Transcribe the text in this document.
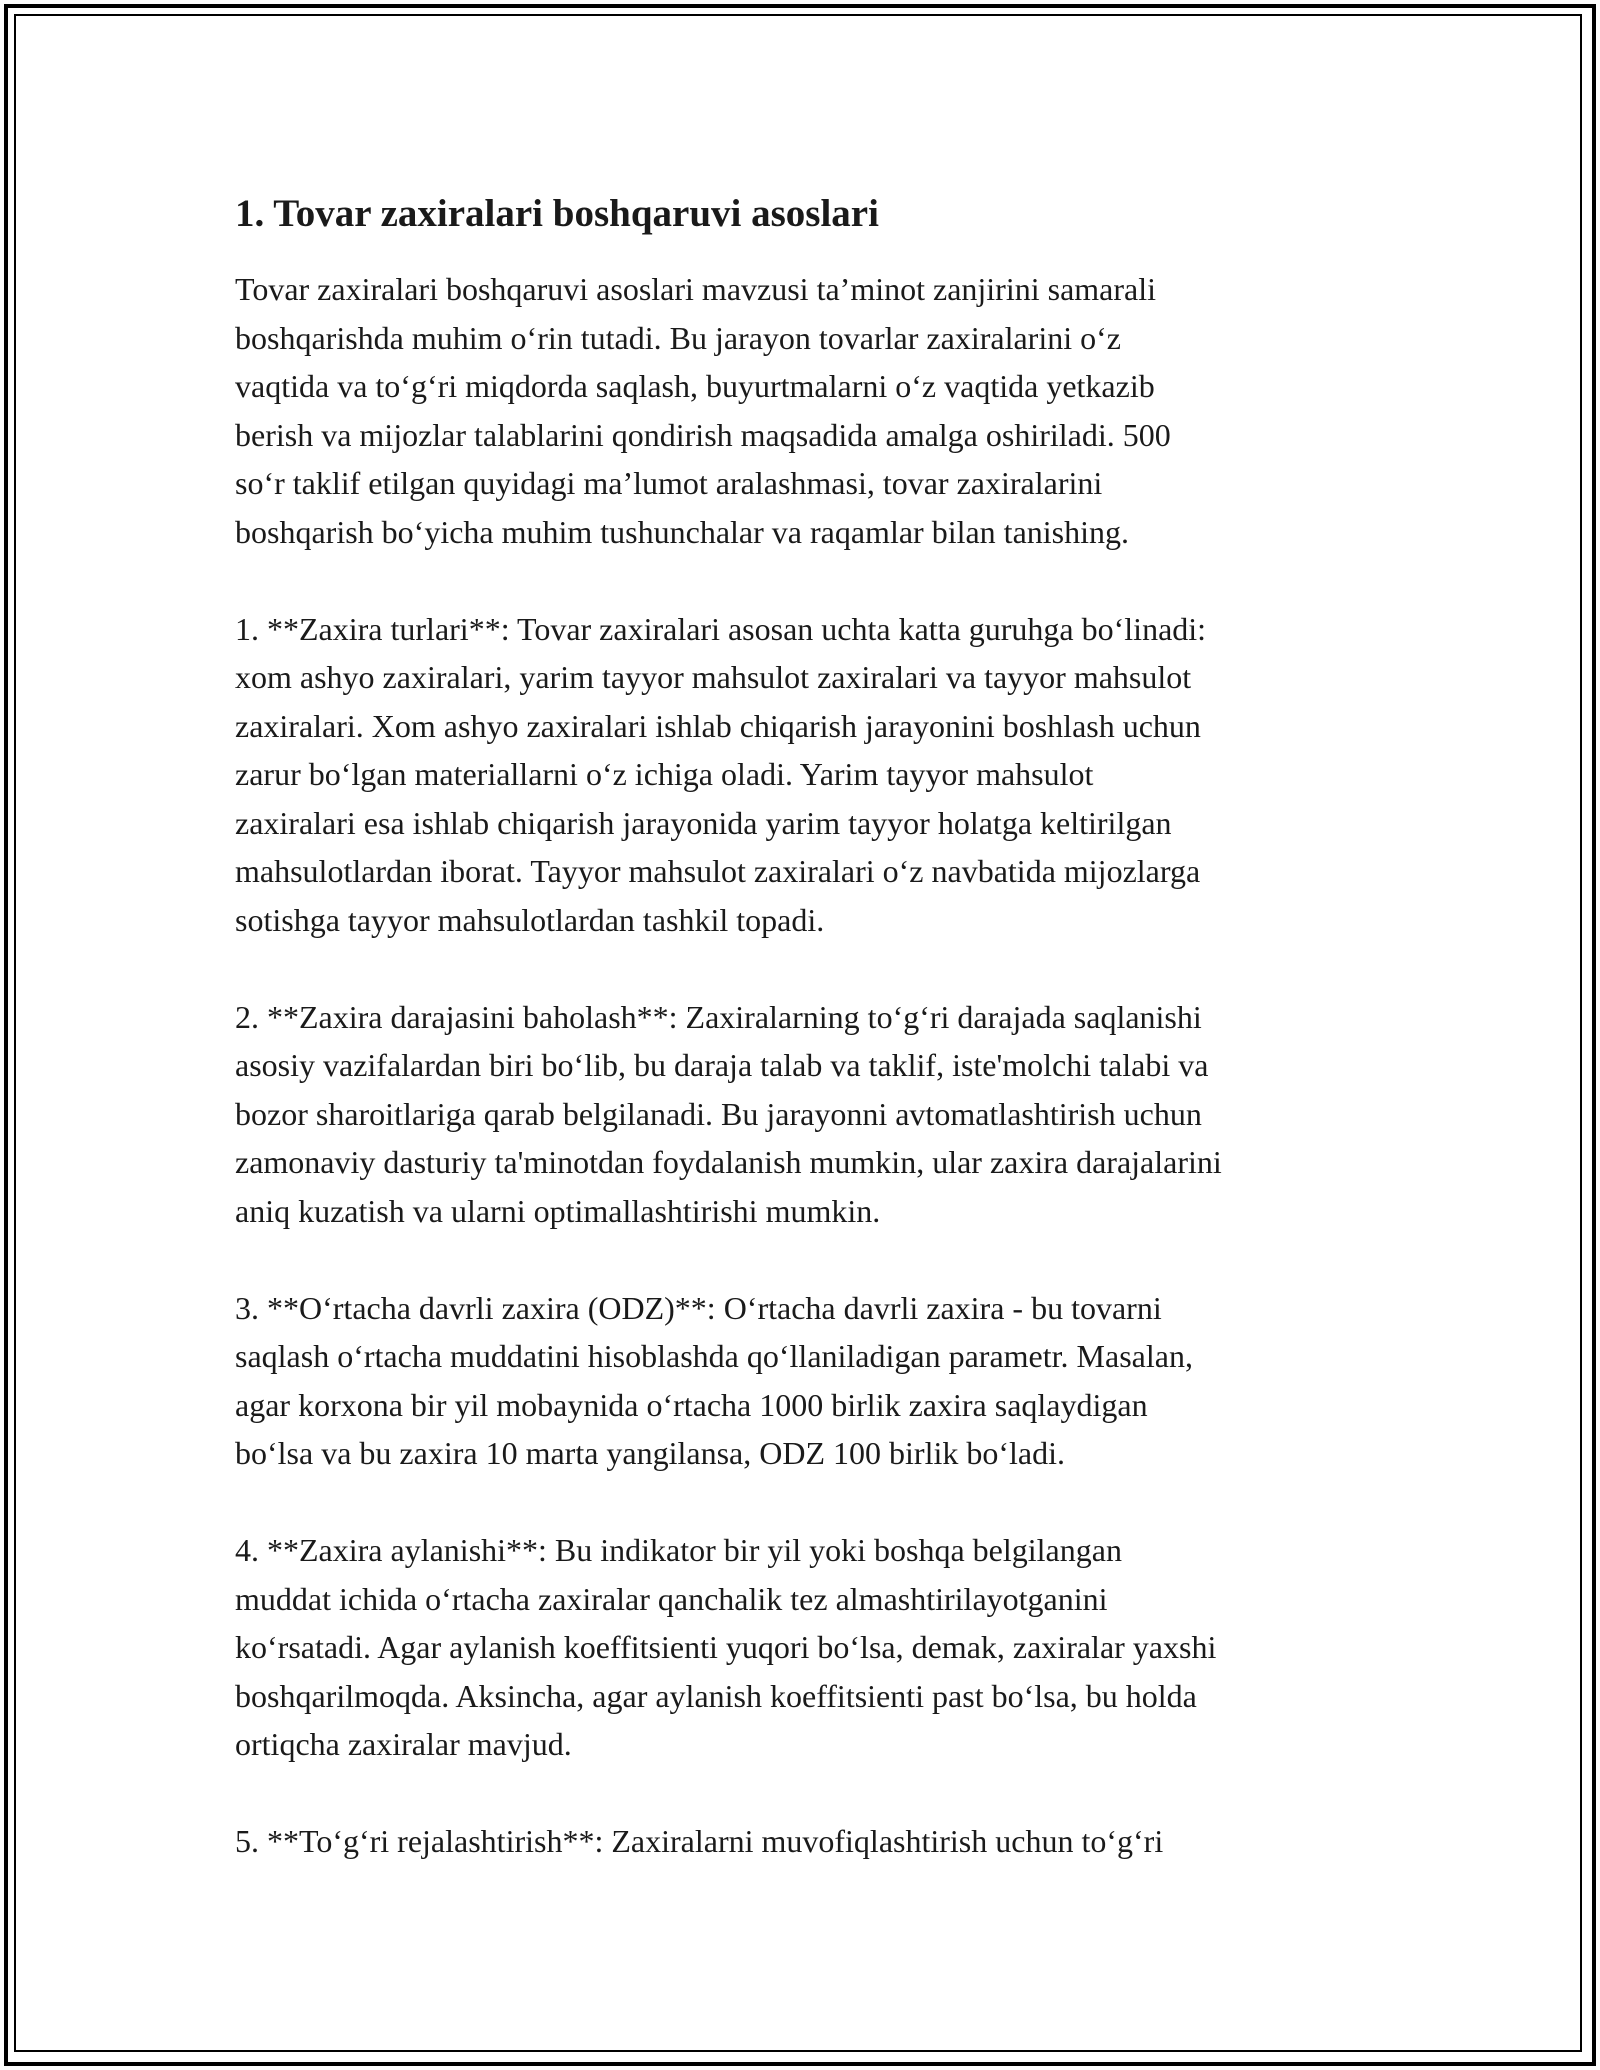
1. Tovar zaxiralari boshqaruvi asoslari

Tovar zaxiralari boshqaruvi asoslari mavzusi ta’minot zanjirini samarali
boshqarishda muhim o‘rin tutadi. Bu jarayon tovarlar zaxiralarini o‘z
vaqtida va to‘g‘ri miqdorda saqlash, buyurtmalarni o‘z vaqtida yetkazib
berish va mijozlar talablarini qondirish maqsadida amalga oshiriladi. 500
so‘r taklif etilgan quyidagi ma’lumot aralashmasi, tovar zaxiralarini
boshqarish bo‘yicha muhim tushunchalar va raqamlar bilan tanishing.

1. **Zaxira turlari**: Tovar zaxiralari asosan uchta katta guruhga bo‘linadi:
xom ashyo zaxiralari, yarim tayyor mahsulot zaxiralari va tayyor mahsulot
zaxiralari. Xom ashyo zaxiralari ishlab chiqarish jarayonini boshlash uchun
zarur bo‘lgan materiallarni o‘z ichiga oladi. Yarim tayyor mahsulot
zaxiralari esa ishlab chiqarish jarayonida yarim tayyor holatga keltirilgan
mahsulotlardan iborat. Tayyor mahsulot zaxiralari o‘z navbatida mijozlarga
sotishga tayyor mahsulotlardan tashkil topadi.

2. **Zaxira darajasini baholash**: Zaxiralarning to‘g‘ri darajada saqlanishi
asosiy vazifalardan biri bo‘lib, bu daraja talab va taklif, iste'molchi talabi va
bozor sharoitlariga qarab belgilanadi. Bu jarayonni avtomatlashtirish uchun
zamonaviy dasturiy ta'minotdan foydalanish mumkin, ular zaxira darajalarini
aniq kuzatish va ularni optimallashtirishi mumkin.

3. **O‘rtacha davrli zaxira (ODZ)**: O‘rtacha davrli zaxira - bu tovarni
saqlash o‘rtacha muddatini hisoblashda qo‘llaniladigan parametr. Masalan,
agar korxona bir yil mobaynida o‘rtacha 1000 birlik zaxira saqlaydigan
bo‘lsa va bu zaxira 10 marta yangilansa, ODZ 100 birlik bo‘ladi.

4. **Zaxira aylanishi**: Bu indikator bir yil yoki boshqa belgilangan
muddat ichida o‘rtacha zaxiralar qanchalik tez almashtirilayotganini
ko‘rsatadi. Agar aylanish koeffitsienti yuqori bo‘lsa, demak, zaxiralar yaxshi
boshqarilmoqda. Aksincha, agar aylanish koeffitsienti past bo‘lsa, bu holda
ortiqcha zaxiralar mavjud.

5. **To‘g‘ri rejalashtirish**: Zaxiralarni muvofiqlashtirish uchun to‘g‘ri
